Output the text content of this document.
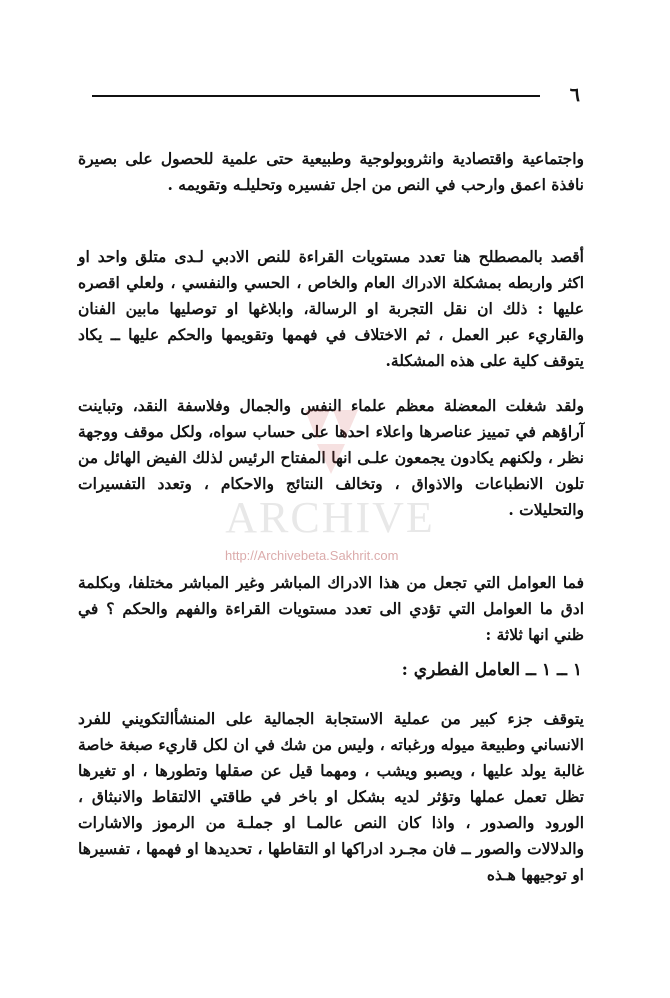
٦

واجتماعية واقتصادية وانثروبولوجية وطبيعية حتى علمية للحصول على بصيرة نافذة اعمق وارحب في النص من اجل تفسيره وتحليلـه وتقويمه .

أقصد بالمصطلح هنا تعدد مستويات القراءة للنص الادبي لـدى متلق واحد او اكثر واربطه بمشكلة الادراك العام والخاص ، الحسي والنفسي ، ولعلي اقصره عليها : ذلك ان نقل التجربة او الرسالة، وابلاغها او توصليها مابين الفنان والقاريء عبر العمل ، ثم الاختلاف في فهمها وتقويمها والحكم عليها ــ يكاد يتوقف كلية على هذه المشكلة.

ولقد شغلت المعضلة معظم علماء النفس والجمال وفلاسفة النقد، وتباينت آراؤهم في تمييز عناصرها واعلاء احدها على حساب سواه، ولكل موقف ووجهة نظر ، ولكنهم يكادون يجمعون علـى انها المفتاح الرئيس لذلك الفيض الهائل من تلون الانطباعات والاذواق ، وتخالف النتائج والاحكام ، وتعدد التفسيرات والتحليلات .

فما العوامل التي تجعل من هذا الادراك المباشر وغير المباشر مختلفا، وبكلمة ادق ما العوامل التي تؤدي الى تعدد مستويات القراءة والفهم والحكم ؟ في ظني انها ثلاثة :

١ ــ ١ ــ العامل الفطري :

يتوقف جزء كبير من عملية الاستجابة الجمالية على المنشأالتكويني للفرد الانساني وطبيعة ميوله ورغباته ، وليس من شك في ان لكل قاريء صبغة خاصة غالبة يولد عليها ، ويصبو ويشب ، ومهما قيل عن صقلها وتطورها ، او تغيرها تظل تعمل عملها وتؤثر لديه بشكل او باخر في طاقتي الالتقاط والانبثاق ، الورود والصدور ، واذا كان النص عالمـا او جملـة من الرموز والاشارات والدلالات والصور ــ فان مجـرد ادراكها او التقاطها ، تحديدها او فهمها ، تفسيرها او توجيهها هـذه

ARCHIVE
http://Archivebeta.Sakhrit.com
